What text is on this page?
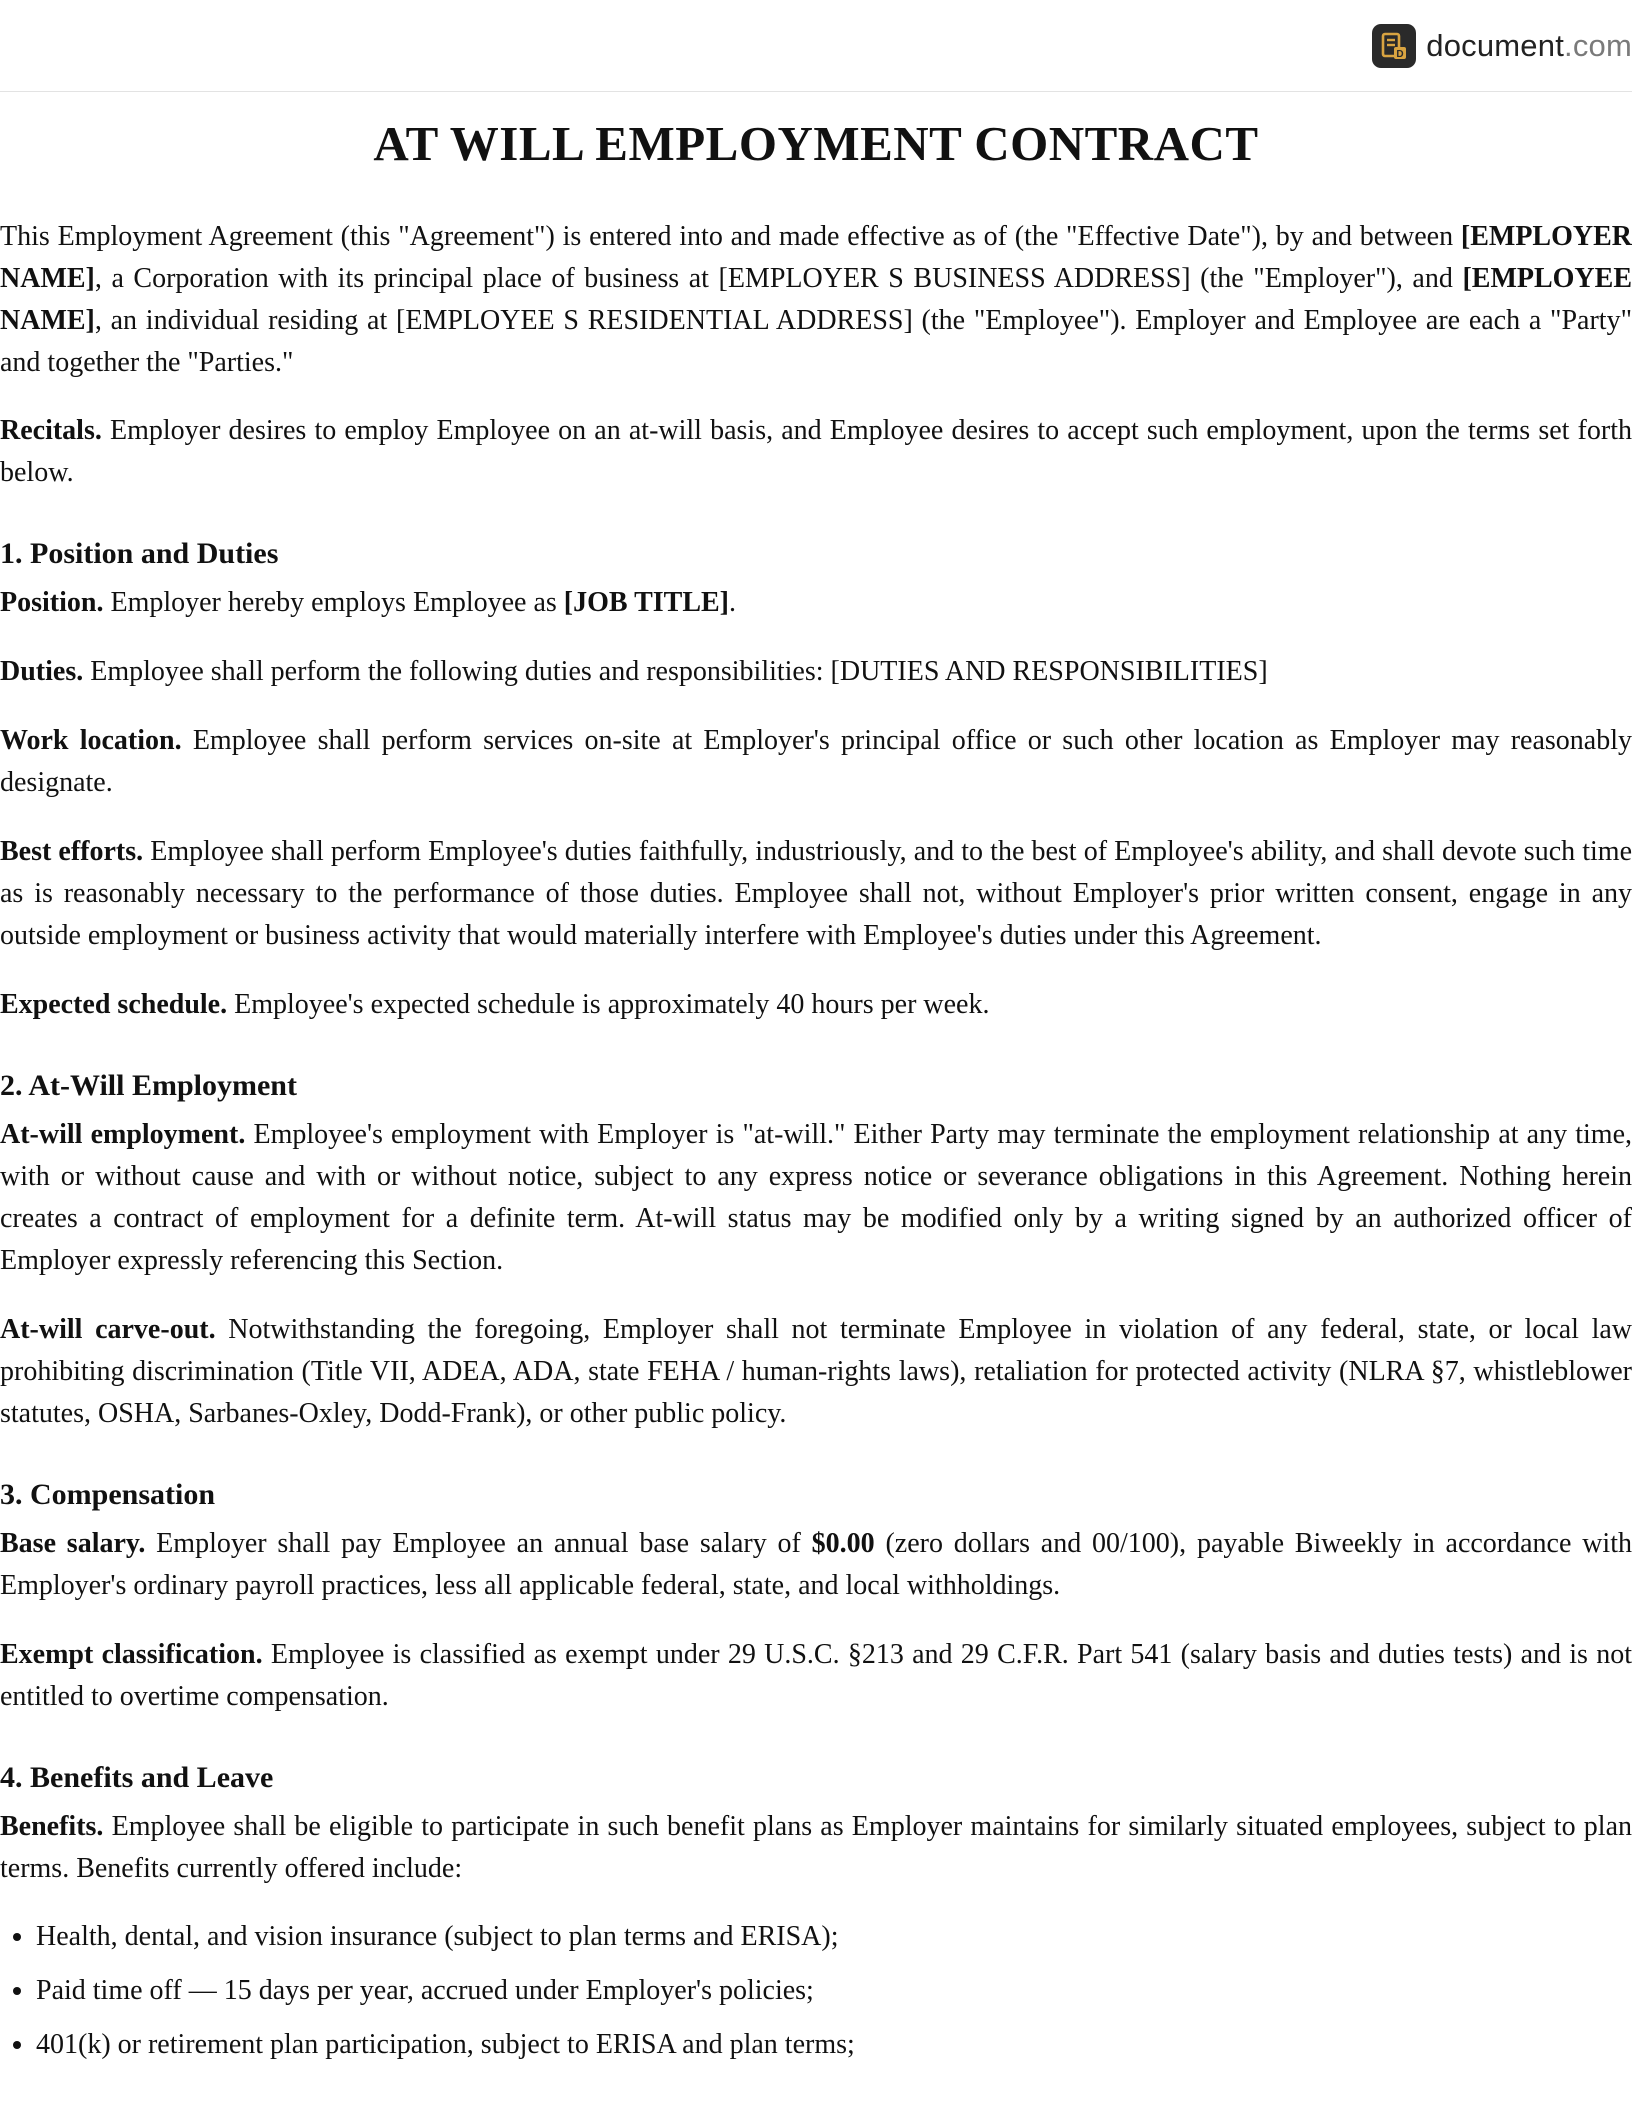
D document.com
AT WILL EMPLOYMENT CONTRACT

This Employment Agreement (this "Agreement") is entered into and made effective as of (the "Effective Date"), by and between [EMPLOYER NAME], a Corporation with its principal place of business at [EMPLOYER S BUSINESS ADDRESS] (the "Employer"), and [EMPLOYEE NAME], an individual residing at [EMPLOYEE S RESIDENTIAL ADDRESS] (the "Employee"). Employer and Employee are each a "Party" and together the "Parties."

Recitals. Employer desires to employ Employee on an at-will basis, and Employee desires to accept such employment, upon the terms set forth below.

1. Position and Duties

Position. Employer hereby employs Employee as [JOB TITLE].

Duties. Employee shall perform the following duties and responsibilities: [DUTIES AND RESPONSIBILITIES]

Work location. Employee shall perform services on-site at Employer's principal office or such other location as Employer may reasonably designate.

Best efforts. Employee shall perform Employee's duties faithfully, industriously, and to the best of Employee's ability, and shall devote such time as is reasonably necessary to the performance of those duties. Employee shall not, without Employer's prior written consent, engage in any outside employment or business activity that would materially interfere with Employee's duties under this Agreement.

Expected schedule. Employee's expected schedule is approximately 40 hours per week.

2. At-Will Employment

At-will employment. Employee's employment with Employer is "at-will." Either Party may terminate the employment relationship at any time, with or without cause and with or without notice, subject to any express notice or severance obligations in this Agreement. Nothing herein creates a contract of employment for a definite term. At-will status may be modified only by a writing signed by an authorized officer of Employer expressly referencing this Section.

At-will carve-out. Notwithstanding the foregoing, Employer shall not terminate Employee in violation of any federal, state, or local law prohibiting discrimination (Title VII, ADEA, ADA, state FEHA / human-rights laws), retaliation for protected activity (NLRA §7, whistleblower statutes, OSHA, Sarbanes-Oxley, Dodd-Frank), or other public policy.

3. Compensation

Base salary. Employer shall pay Employee an annual base salary of $0.00 (zero dollars and 00/100), payable Biweekly in accordance with Employer's ordinary payroll practices, less all applicable federal, state, and local withholdings.

Exempt classification. Employee is classified as exempt under 29 U.S.C. §213 and 29 C.F.R. Part 541 (salary basis and duties tests) and is not entitled to overtime compensation.

4. Benefits and Leave

Benefits. Employee shall be eligible to participate in such benefit plans as Employer maintains for similarly situated employees, subject to plan terms. Benefits currently offered include:

• Health, dental, and vision insurance (subject to plan terms and ERISA);
• Paid time off — 15 days per year, accrued under Employer's policies;
• 401(k) or retirement plan participation, subject to ERISA and plan terms;
